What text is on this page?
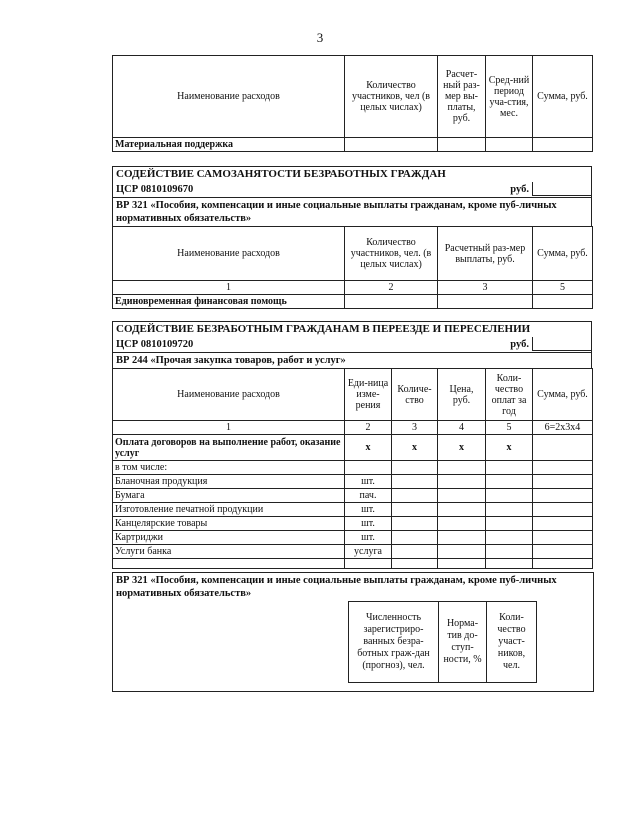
3
Наименование расходов	Количество участников, чел (в целых числах)	Расчет-ный раз-мер вы-платы, руб.	Сред-ний период уча-стия, мес.	Сумма, руб.
Материальная поддержка				
СОДЕЙСТВИЕ САМОЗАНЯТОСТИ БЕЗРАБОТНЫХ ГРАЖДАН
ЦСР 0810109670	руб.
ВР 321 «Пособия, компенсации и иные социальные выплаты гражданам, кроме пуб-личных нормативных обязательств»
Наименование расходов	Количество участников, чел. (в целых числах)	Расчетный раз-мер выплаты, руб.	Сумма, руб.
1	2	3	5
Единовременная финансовая помощь			
СОДЕЙСТВИЕ БЕЗРАБОТНЫМ ГРАЖДАНАМ В ПЕРЕЕЗДЕ И ПЕРЕСЕЛЕНИИ
ЦСР 0810109720	руб.
ВР 244 «Прочая закупка товаров, работ и услуг»
Наименование расходов	Еди-ница изме-рения	Количе-ство	Цена, руб.	Коли-чество оплат за год	Сумма, руб.
1	2	3	4	5	6=2х3х4
Оплата договоров на выполнение работ, оказание услуг	х	х	х	х	
в том числе:					
Бланочная продукция	шт.				
Бумага	пач.				
Изготовление печатной продукции	шт.				
Канцелярские товары	шт.				
Картриджи	шт.				
Услуги банка	услуга				

ВР 321 «Пособия, компенсации и иные социальные выплаты гражданам, кроме пуб-личных нормативных обязательств»
Численность зарегистриро-ванных безра-ботных граж-дан (прогноз), чел.	Норма-тив до-ступ-ности, %	Коли-чество участ-ников, чел.
